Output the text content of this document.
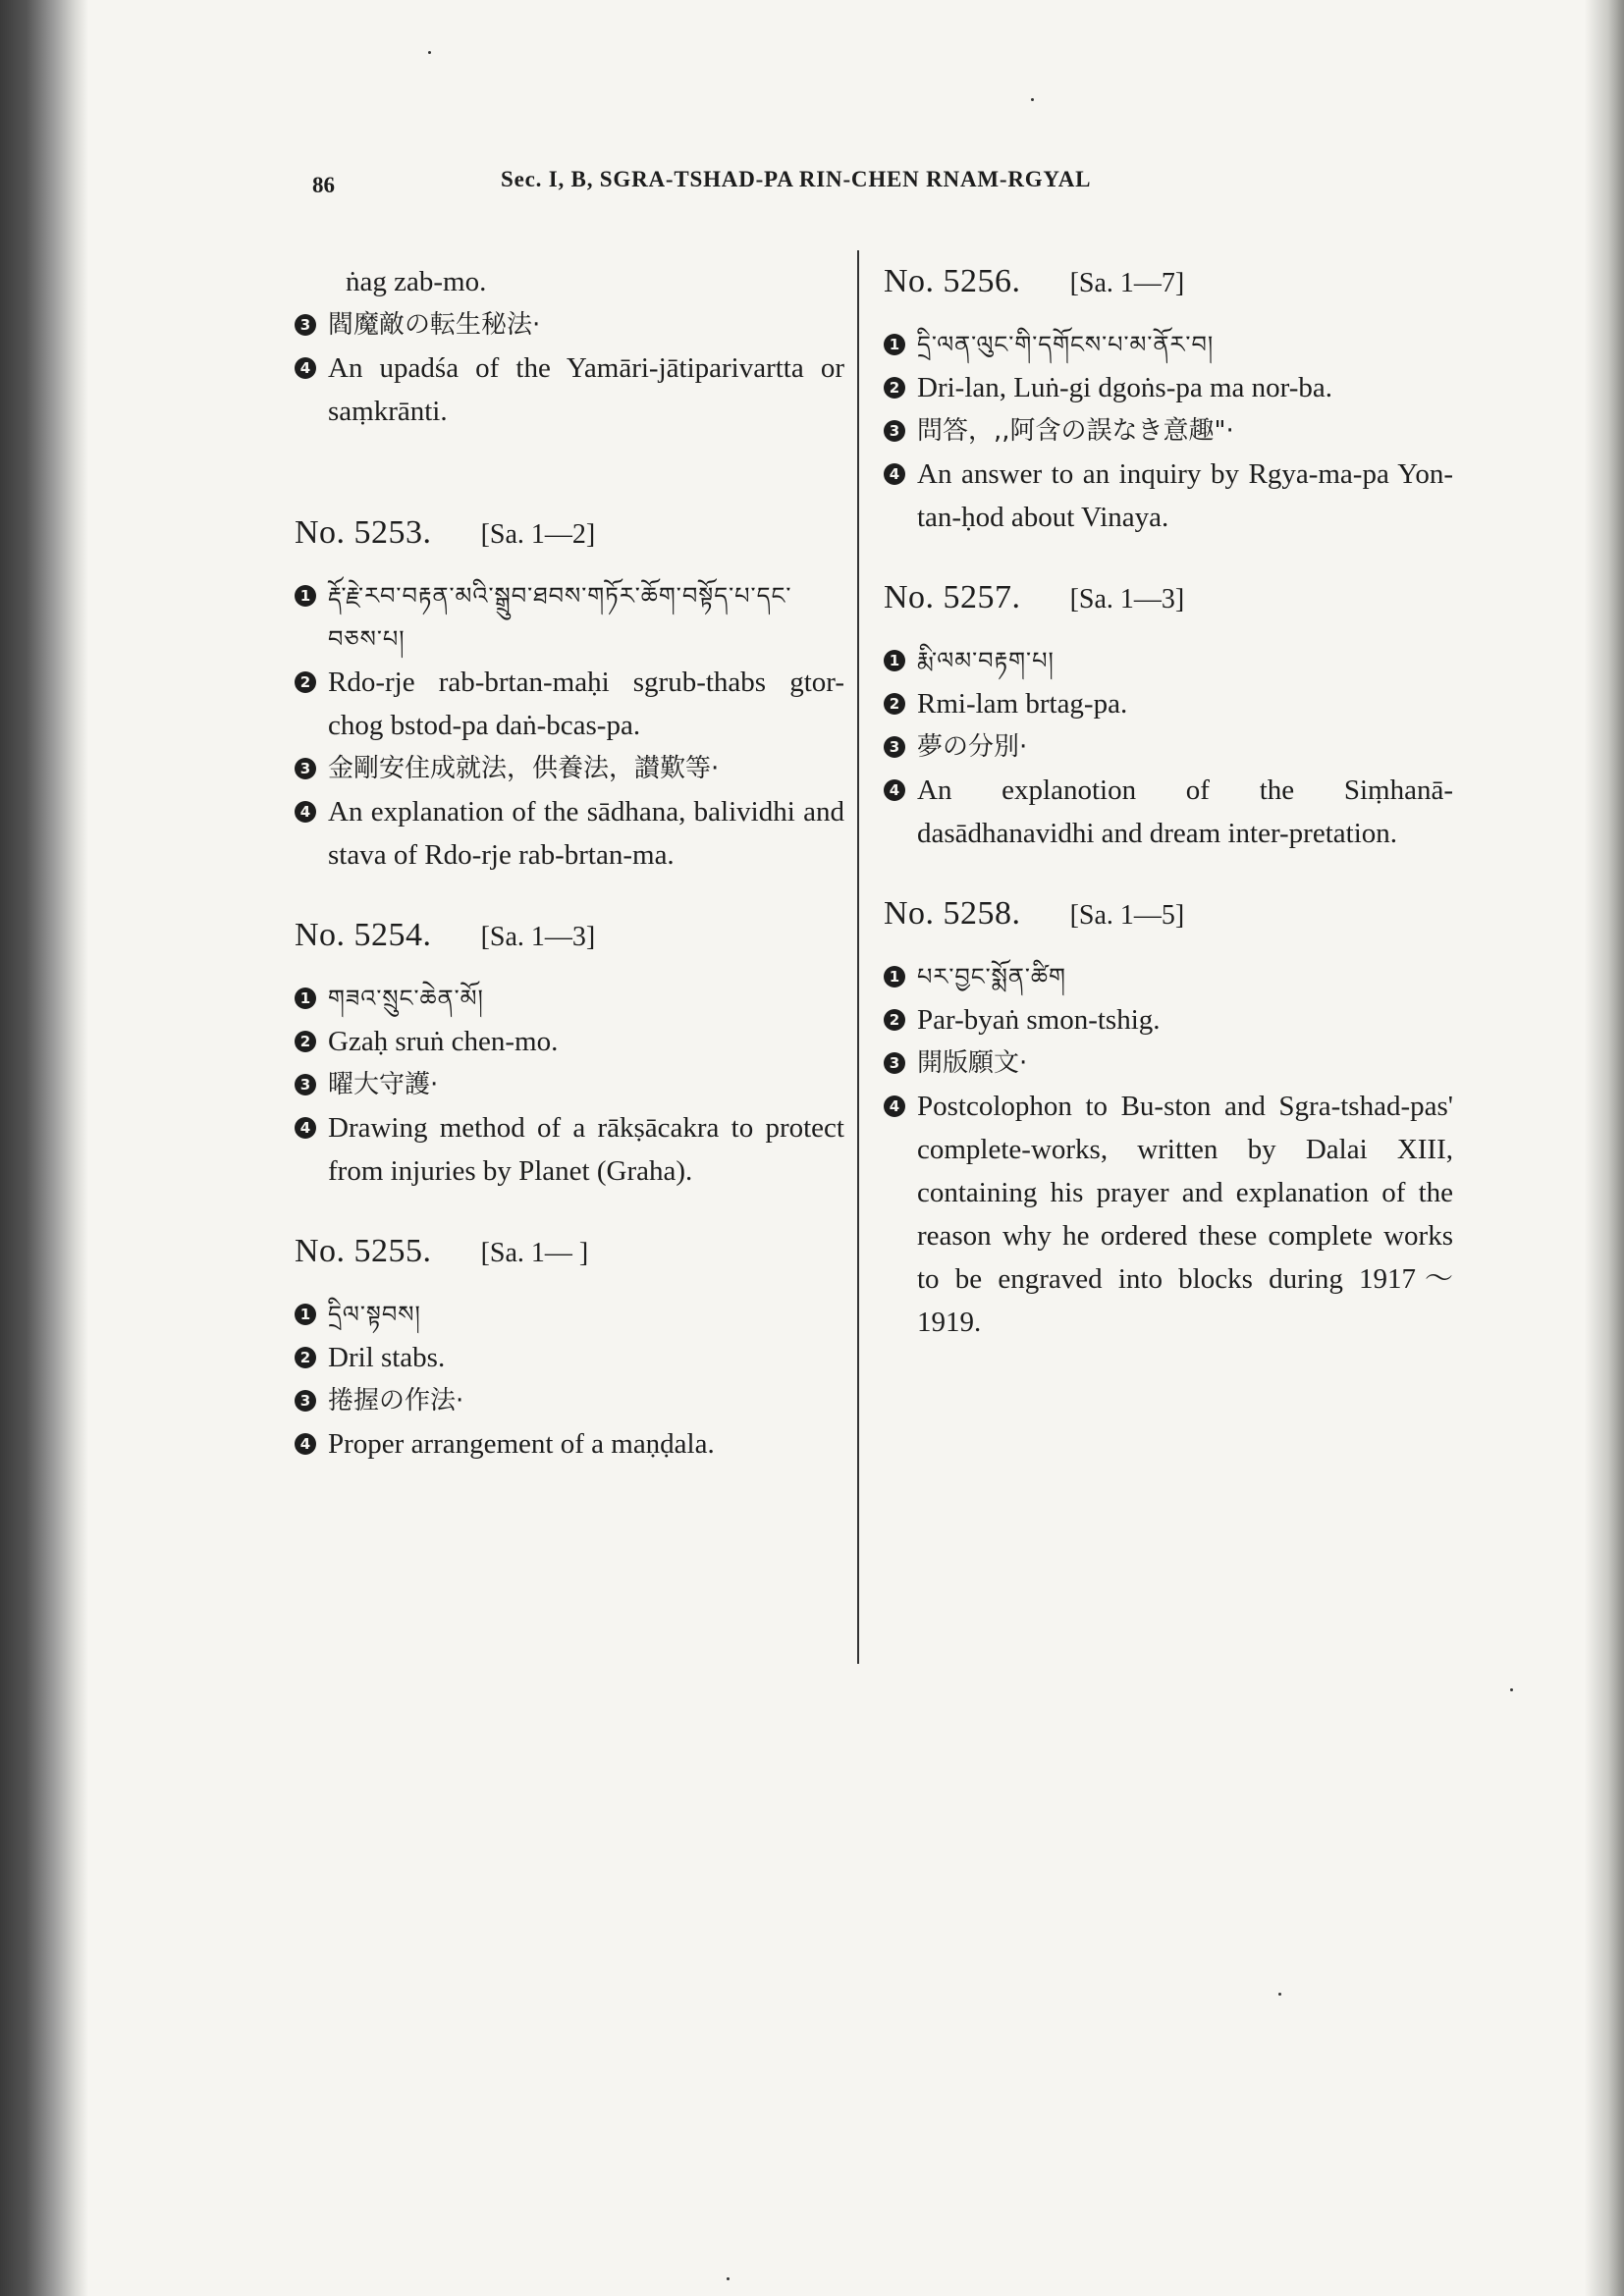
86	Sec. I, B, SGRA-TSHAD-PA RIN-CHEN RNAM-RGYAL
ṅag zab-mo.
3 閻魔敵の転生秘法·
4 An upadśa of the Yamāri-jātiparivartta or saṃkrānti.
No. 5253. [Sa. 1—2]
1 རྡོ་རྗེ་རབ་བརྟན་མའི་སྒྲུབ་ཐབས་གཏོར་ཆོག་བསྟོད་པ་དང་བཅས་པ།
2 Rdo-rje rab-brtan-maḥi sgrub-thabs gtor-chog bstod-pa daṅ-bcas-pa.
3 金剛安住成就法，供養法，讃歎等·
4 An explanation of the sādhana, balividhi and stava of Rdo-rje rab-brtan-ma.
No. 5254. [Sa. 1—3]
1 གཟའ་སྲུང་ཆེན་མོ།
2 Gzaḥ sruṅ chen-mo.
3 曜大守護·
4 Drawing method of a rākṣācakra to protect from injuries by Planet (Graha).
No. 5255. [Sa. 1— ]
1 དྲིལ་སྟབས།
2 Dril stabs.
3 捲握の作法·
4 Proper arrangement of a maṇḍala.
No. 5256. [Sa. 1—7]
1 དྲི་ལན་ལུང་གི་དགོངས་པ་མ་ནོར་བ།
2 Dri-lan, Luṅ-gi dgoṅs-pa ma nor-ba.
3 問答，,,阿含の誤なき意趣"·
4 An answer to an inquiry by Rgya-ma-pa Yon-tan-ḥod about Vinaya.
No. 5257. [Sa. 1—3]
1 རྨི་ལམ་བརྟག་པ།
2 Rmi-lam brtag-pa.
3 夢の分別·
4 An explanotion of the Siṃhanā-dasādhanavidhi and dream inter-pretation.
No. 5258. [Sa. 1—5]
1 པར་བྱང་སྨོན་ཚིག
2 Par-byaṅ smon-tshig.
3 開版願文·
4 Postcolophon to Bu-ston and Sgra-tshad-pas' complete-works, written by Dalai XIII, containing his prayer and explanation of the reason why he ordered these complete works to be engraved into blocks during 1917～1919.
